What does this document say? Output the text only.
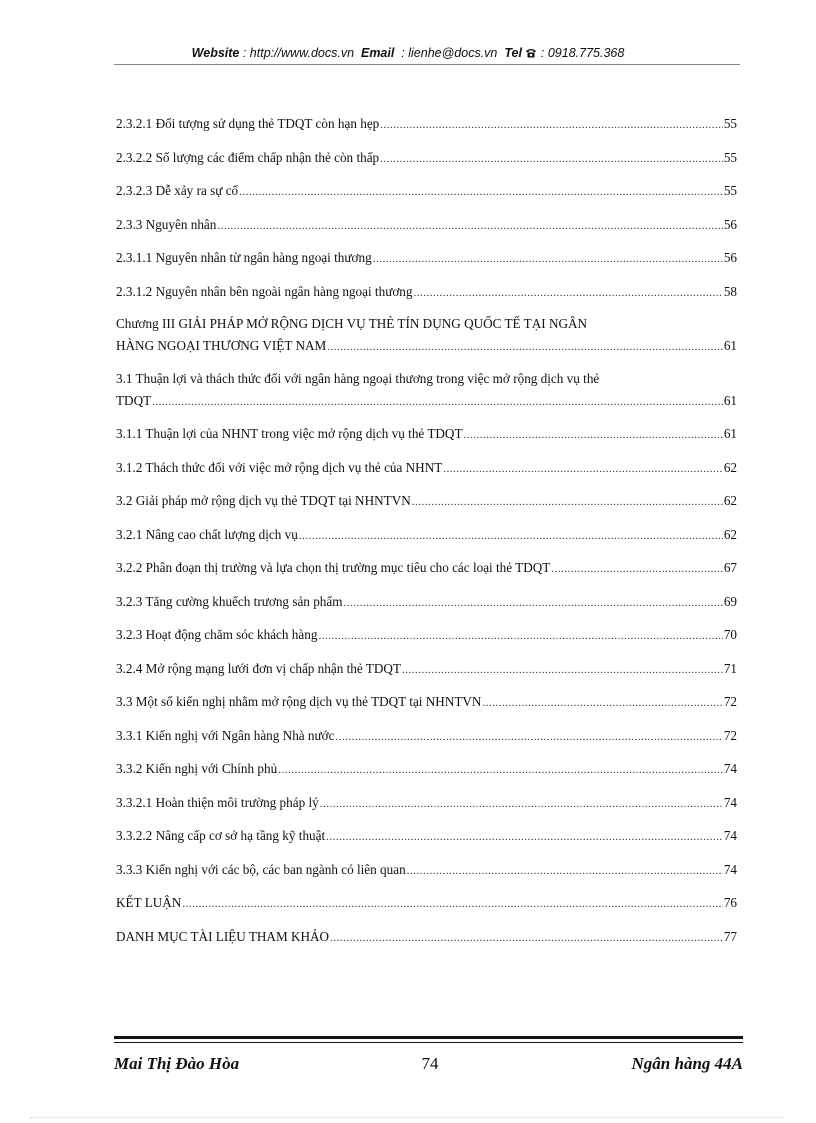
Website : http://www.docs.vn Email : lienhe@docs.vn Tel : 0918.775.368
2.3.2.1 Đối tượng sử dụng thẻ TDQT còn hạn hẹp .....	55
2.3.2.2 Số lượng các điểm chấp nhận thẻ còn thấp .....	55
2.3.2.3 Dễ xảy ra sự cố .....	55
2.3.3 Nguyên nhân .....	56
2.3.1.1 Nguyên nhân từ ngân hàng ngoại thương .....	56
2.3.1.2 Nguyên nhân bên ngoài ngân hàng ngoại thương .....	58
Chương III GIẢI PHÁP MỞ RỘNG DỊCH VỤ THẺ TÍN DỤNG QUỐC TẾ TẠI NGÂN
HÀNG NGOẠI THƯƠNG VIỆT NAM .....	61
3.1 Thuận lợi và thách thức đối với ngân hàng ngoại thương trong việc mở rộng dịch vụ thẻ
TDQT .....	61
3.1.1 Thuận lợi của NHNT trong việc mở rộng dịch vụ thẻ TDQT .....	61
3.1.2 Thách thức đối với việc mở rộng dịch vụ thẻ của NHNT .....	62
3.2 Giải pháp mở rộng dịch vụ thẻ TDQT tại NHNTVN .....	62
3.2.1 Nâng cao chất lượng dịch vụ .....	62
3.2.2 Phân đoạn thị trường và lựa chọn thị trường mục tiêu cho các loại thẻ TDQT .....	67
3.2.3 Tăng cường khuếch trương sản phẩm .....	69
3.2.3 Hoạt động chăm sóc khách hàng .....	70
3.2.4 Mở rộng mạng lưới đơn vị chấp nhận thẻ TDQT .....	71
3.3 Một số kiến nghị nhằm mở rộng dịch vụ thẻ TDQT tại NHNTVN .....	72
3.3.1 Kiến nghị với Ngân hàng Nhà nước .....	72
3.3.2 Kiến nghị với Chính phủ .....	74
3.3.2.1 Hoàn thiện môi trường pháp lý .....	74
3.3.2.2 Nâng cấp cơ sở hạ tầng kỹ thuật .....	74
3.3.3 Kiến nghị với các bộ, các ban ngành có liên quan .....	74
KẾT LUẬN .....	76
DANH MỤC TÀI LIỆU THAM KHẢO .....	77
Mai Thị Đào Hòa	74	Ngân hàng 44A
